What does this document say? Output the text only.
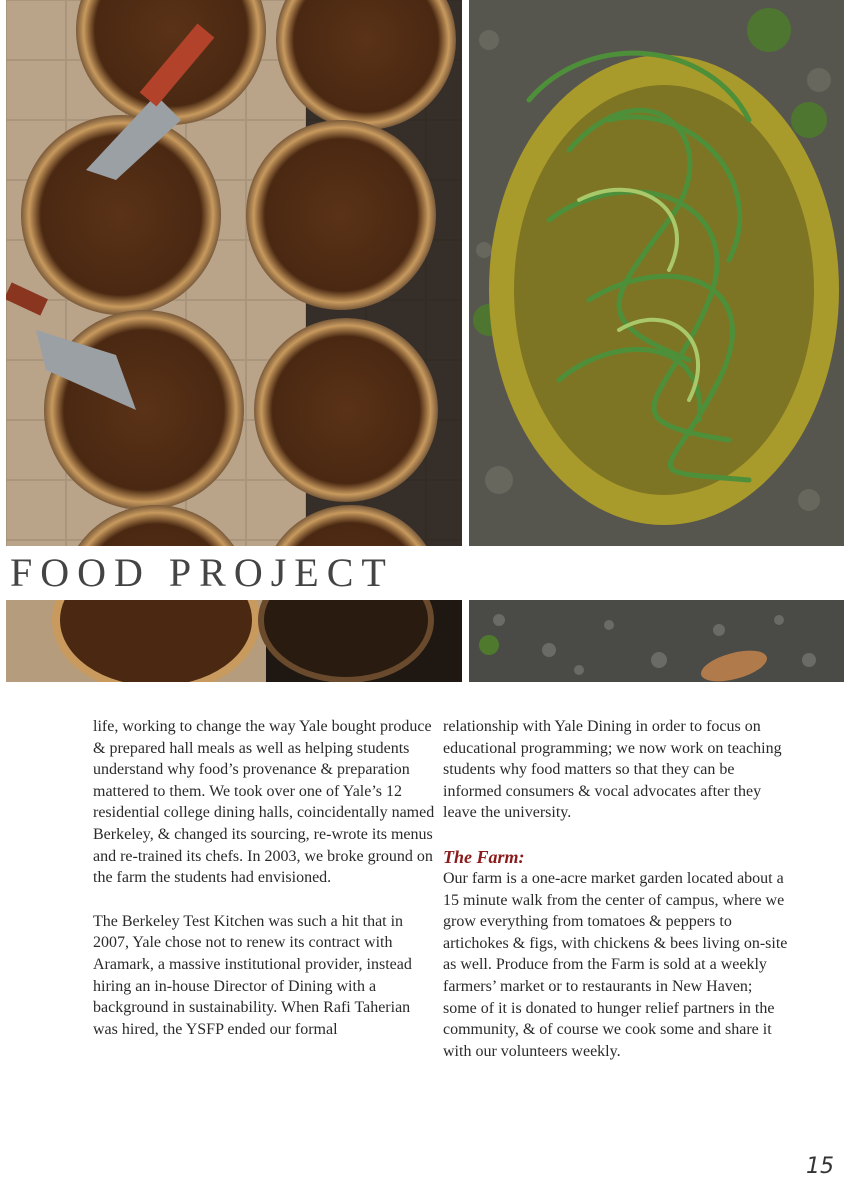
FOOD PROJECT

life, working to change the way Yale bought produce & prepared hall meals as well as helping students understand why food’s provenance & preparation mattered to them. We took over one of Yale’s 12 residential college dining halls, coincidentally named Berkeley, & changed its sourcing, re-wrote its menus and re-trained its chefs. In 2003, we broke ground on the farm the students had envisioned.

The Berkeley Test Kitchen was such a hit that in 2007, Yale chose not to renew its contract with Aramark, a massive institutional provider, instead hiring an in-house Director of Dining with a background in sustainability. When Rafi Taherian was hired, the YSFP ended our formal

relationship with Yale Dining in order to focus on educational programming; we now work on teaching students why food matters so that they can be informed consumers & vocal advocates after they leave the university.

The Farm:

Our farm is a one-acre market garden located about a 15 minute walk from the center of campus, where we grow everything from tomatoes & peppers to artichokes & figs, with chickens & bees living on-site as well. Produce from the Farm is sold at a weekly farmers’ market or to restaurants in New Haven; some of it is donated to hunger relief partners in the community, & of course we cook some and share it with our volunteers weekly.

15
